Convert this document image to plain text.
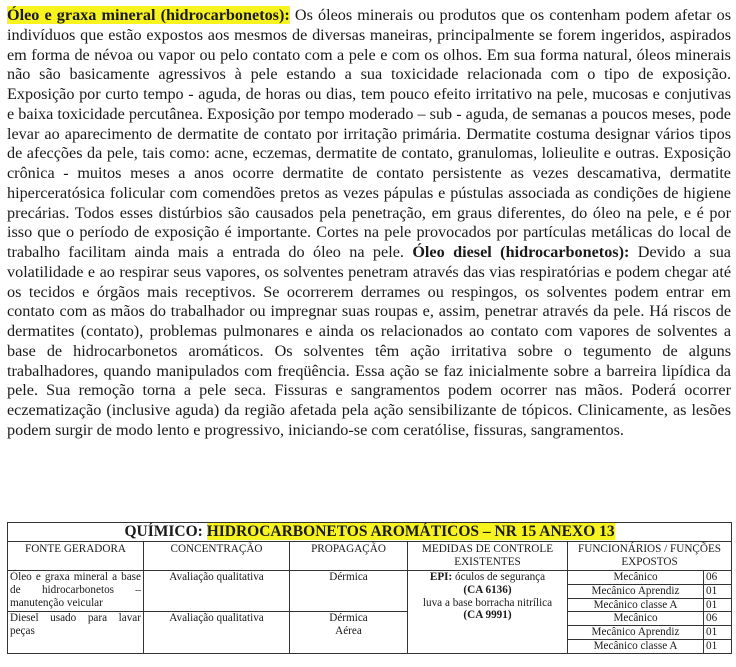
Óleo e graxa mineral (hidrocarbonetos): Os óleos minerais ou produtos que os contenham podem afetar os indivíduos que estão expostos aos mesmos de diversas maneiras, principalmente se forem ingeridos, aspirados em forma de névoa ou vapor ou pelo contato com a pele e com os olhos. Em sua forma natural, óleos minerais não são basicamente agressivos à pele estando a sua toxicidade relacionada com o tipo de exposição. Exposição por curto tempo - aguda, de horas ou dias, tem pouco efeito irritativo na pele, mucosas e conjutivas e baixa toxicidade percutânea. Exposição por tempo moderado – sub - aguda, de semanas a poucos meses, pode levar ao aparecimento de dermatite de contato por irritação primária. Dermatite costuma designar vários tipos de afecções da pele, tais como: acne, eczemas, dermatite de contato, granulomas, lolieulite e outras. Exposição crônica - muitos meses a anos ocorre dermatite de contato persistente as vezes descamativa, dermatite hiperceratósica folicular com comendões pretos as vezes pápulas e pústulas associada as condições de higiene precárias. Todos esses distúrbios são causados pela penetração, em graus diferentes, do óleo na pele, e é por isso que o período de exposição é importante. Cortes na pele provocados por partículas metálicas do local de trabalho facilitam ainda mais a entrada do óleo na pele. Óleo diesel (hidrocarbonetos): Devido a sua volatilidade e ao respirar seus vapores, os solventes penetram através das vias respiratórias e podem chegar até os tecidos e órgãos mais receptivos. Se ocorrerem derrames ou respingos, os solventes podem entrar em contato com as mãos do trabalhador ou impregnar suas roupas e, assim, penetrar através da pele. Há riscos de dermatites (contato), problemas pulmonares e ainda os relacionados ao contato com vapores de solventes a base de hidrocarbonetos aromáticos. Os solventes têm ação irritativa sobre o tegumento de alguns trabalhadores, quando manipulados com freqüência. Essa ação se faz inicialmente sobre a barreira lipídica da pele. Sua remoção torna a pele seca. Fissuras e sangramentos podem ocorrer nas mãos. Poderá ocorrer eczematização (inclusive aguda) da região afetada pela ação sensibilizante de tópicos. Clinicamente, as lesões podem surgir de modo lento e progressivo, iniciando-se com ceratólise, fissuras, sangramentos.

QUÍMICO: HIDROCARBONETOS AROMÁTICOS – NR 15 ANEXO 13					
FONTE GERADORA	CONCENTRAÇÃO	PROPAGAÇÃO	MEDIDAS DE CONTROLE EXISTENTES	FUNCIONÁRIOS / FUNÇÕES EXPOSTOS	
Óleo e graxa mineral a base de hidrocarbonetos – manutenção veicular	Avaliação qualitativa	Dérmica	EPI: óculos de segurança
(CA 6136)
luva a base borracha nitrílica
(CA 9991)	Mecânico	06
				Mecânico Aprendiz	01
				Mecânico classe A	01
Diesel usado para lavar peças	Avaliação qualitativa	Dérmica
Aérea		Mecânico	06
				Mecânico Aprendiz	01
				Mecânico classe A	01
